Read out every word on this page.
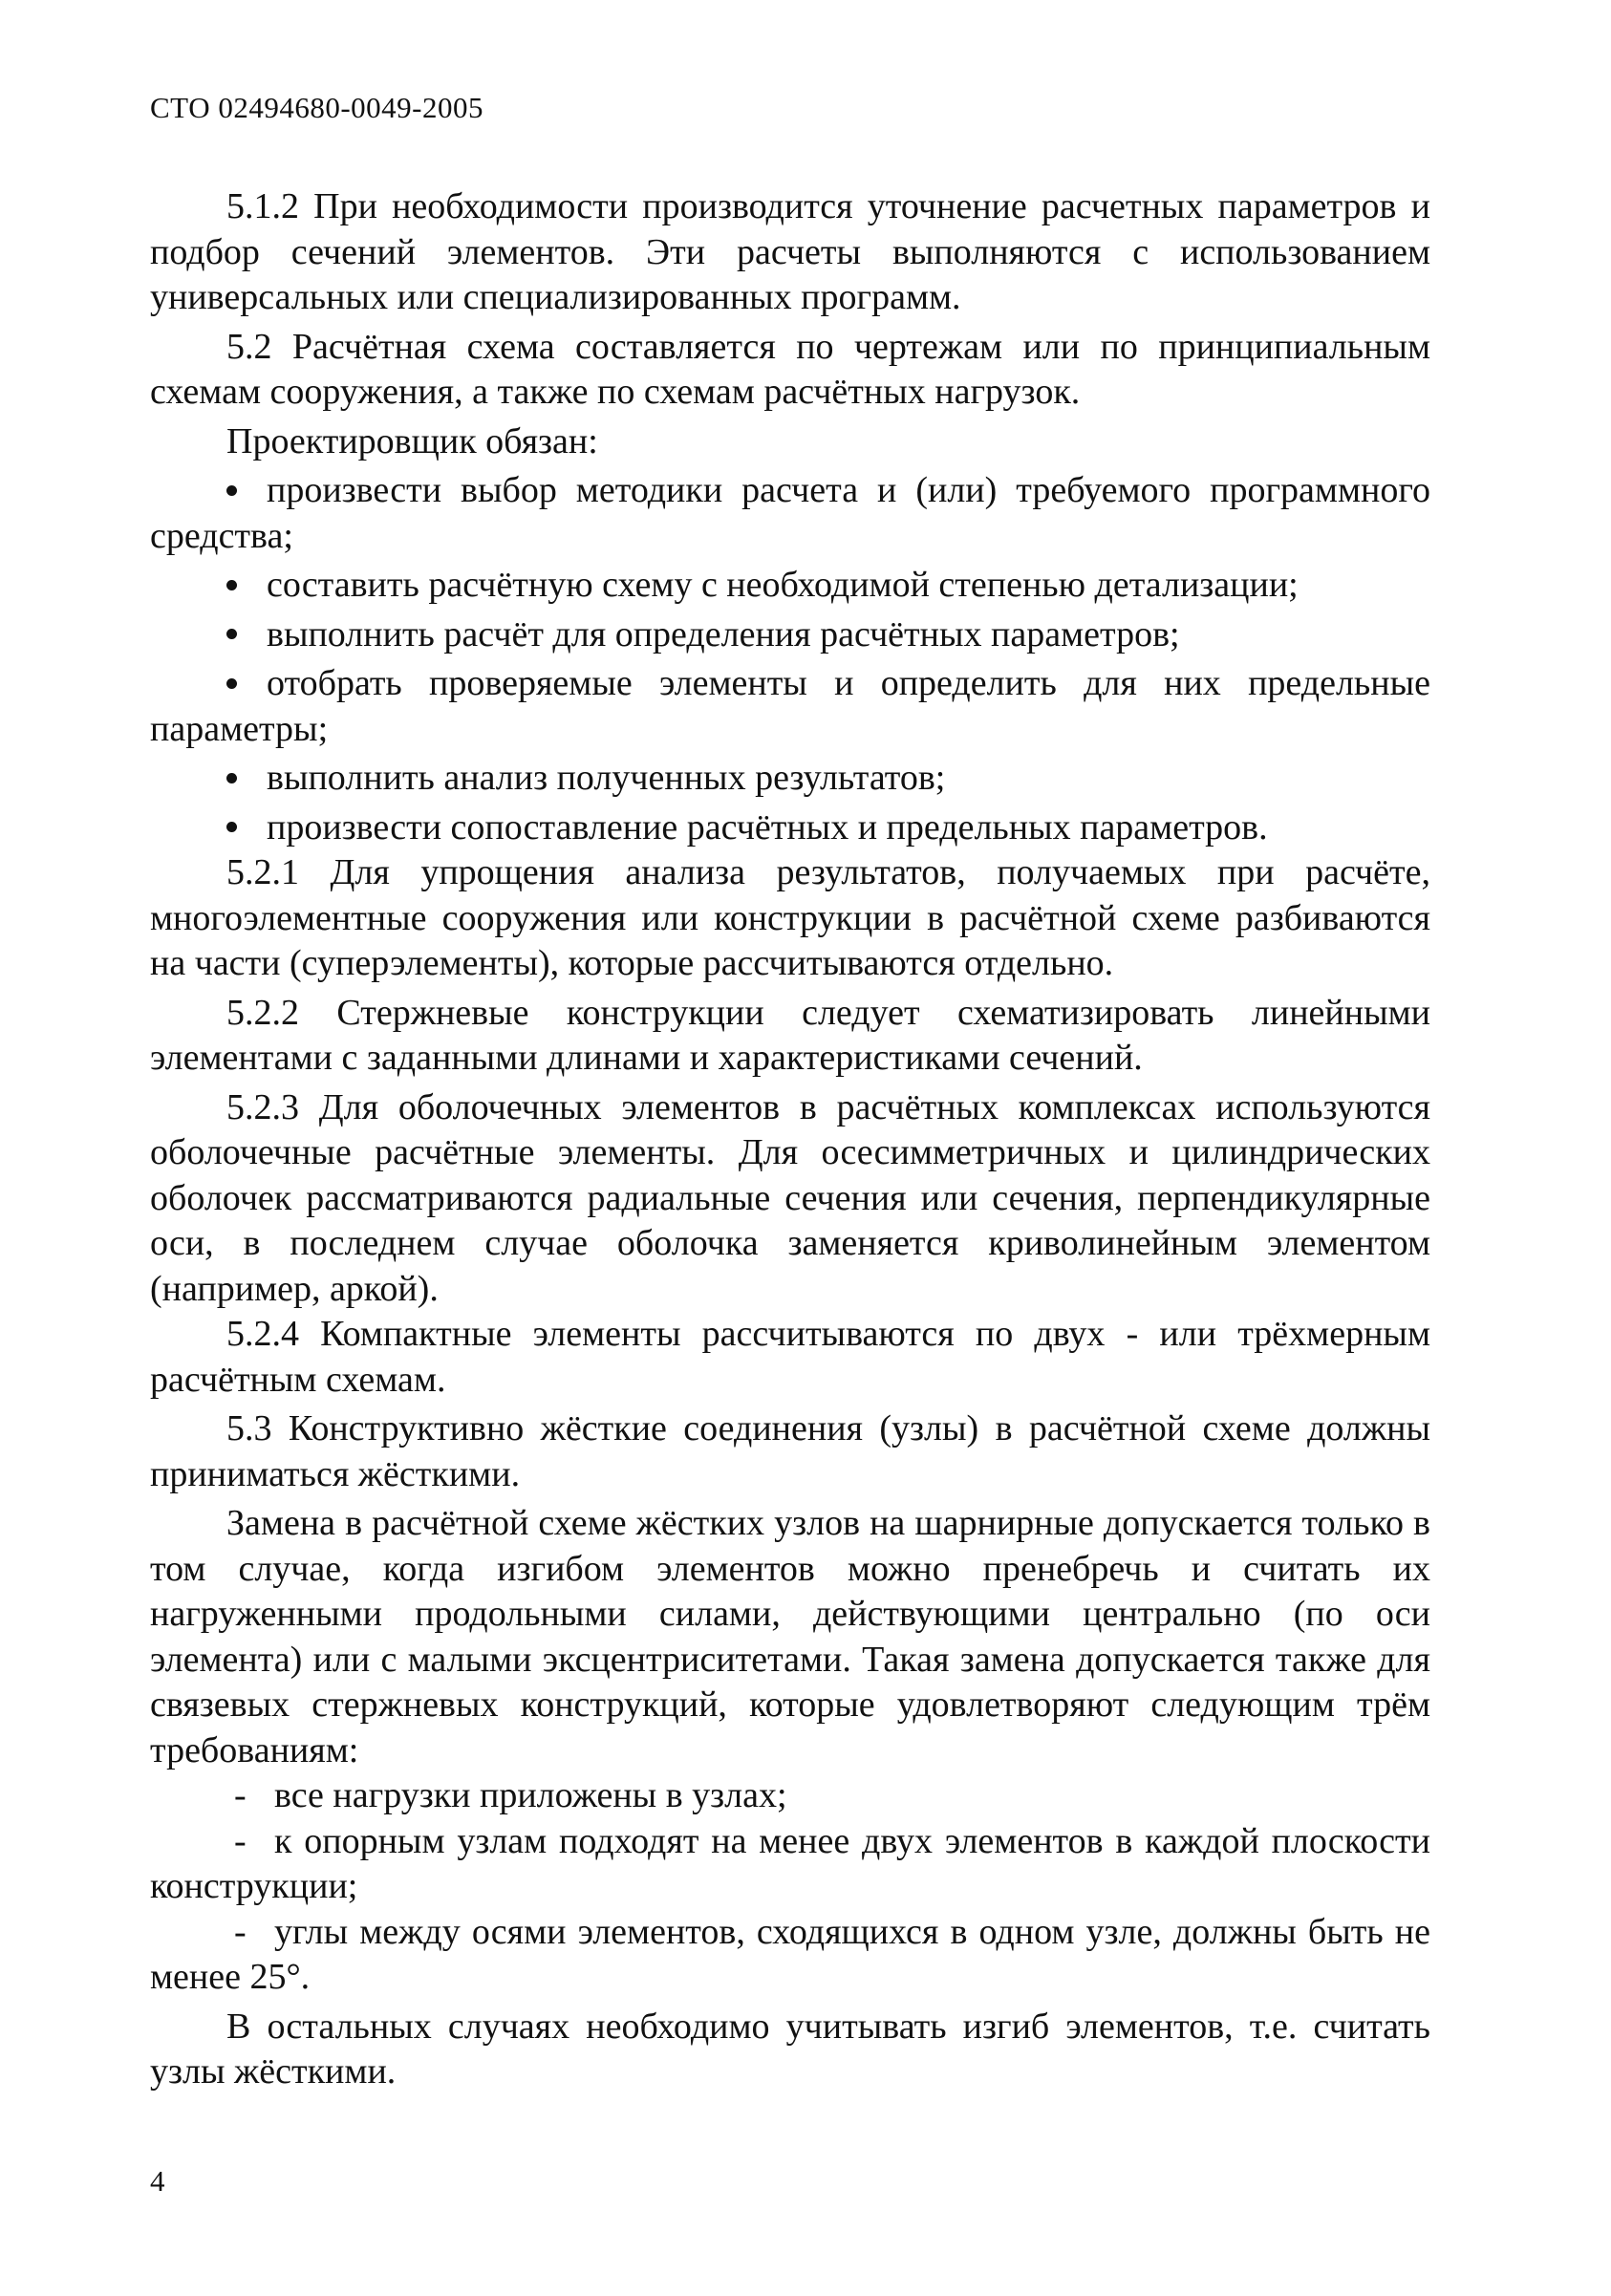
СТО 02494680-0049-2005

5.1.2 При необходимости производится уточнение расчетных параметров и подбор сечений элементов. Эти расчеты выполняются с использованием универсальных или специализированных программ.

5.2 Расчётная схема составляется по чертежам или по принципиальным схемам сооружения, а также по схемам расчётных нагрузок.

Проектировщик обязан:

произвести выбор методики расчета и (или) требуемого программного средства;

составить расчётную схему с необходимой степенью детализации;

выполнить расчёт для определения расчётных параметров;

отобрать проверяемые элементы и определить для них предельные параметры;

выполнить анализ полученных результатов;

произвести сопоставление расчётных и предельных параметров.

5.2.1 Для упрощения анализа результатов, получаемых при расчёте, многоэлементные сооружения или конструкции в расчётной схеме разбиваются на части (суперэлементы), которые рассчитываются отдельно.

5.2.2 Стержневые конструкции следует схематизировать линейными элементами с заданными длинами и характеристиками сечений.

5.2.3 Для оболочечных элементов в расчётных комплексах используются оболочечные расчётные элементы. Для осесимметричных и цилиндрических оболочек рассматриваются радиальные сечения или сечения, перпендикулярные оси, в последнем случае оболочка заменяется криволинейным элементом (например, аркой).

5.2.4 Компактные элементы рассчитываются по двух - или трёхмерным расчётным схемам.

5.3 Конструктивно жёсткие соединения (узлы) в расчётной схеме должны приниматься жёсткими.

Замена в расчётной схеме жёстких узлов на шарнирные допускается только в том случае, когда изгибом элементов можно пренебречь и считать их нагруженными продольными силами, действующими центрально (по оси элемента) или с малыми эксцентриситетами. Такая замена допускается также для связевых стержневых конструкций, которые удовлетворяют следующим трём требованиям:

- все нагрузки приложены в узлах;

- к опорным узлам подходят на менее двух элементов в каждой плоскости конструкции;

- углы между осями элементов, сходящихся в одном узле, должны быть не менее 25°.

В остальных случаях необходимо учитывать изгиб элементов, т.е. считать узлы жёсткими.

4
